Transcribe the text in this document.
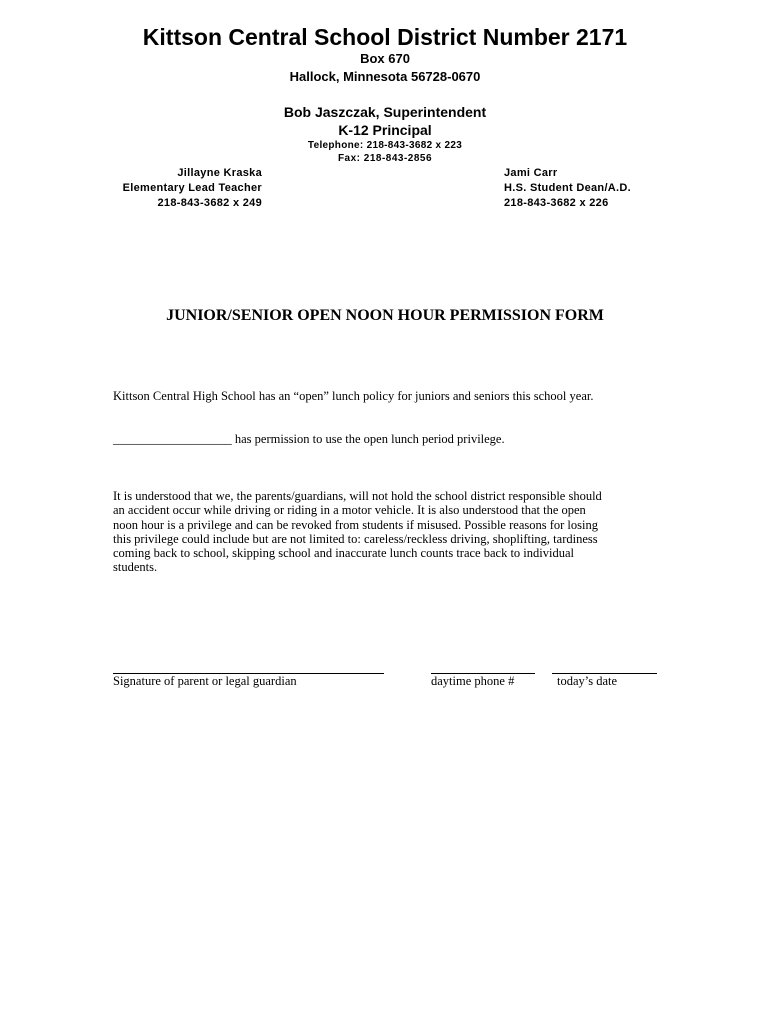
Kittson Central School District Number 2171
Box 670
Hallock, Minnesota 56728-0670
Bob Jaszczak, Superintendent
K-12 Principal
Telephone: 218-843-3682 x 223
Fax: 218-843-2856
Jillayne Kraska
Elementary Lead Teacher
218-843-3682 x 249
Jami Carr
H.S. Student Dean/A.D.
218-843-3682 x 226
JUNIOR/SENIOR OPEN NOON HOUR PERMISSION FORM

Kittson Central High School has an “open” lunch policy for juniors and seniors this school year.

___________________ has permission to use the open lunch period privilege.

It is understood that we, the parents/guardians, will not hold the school district responsible should
an accident occur while driving or riding in a motor vehicle. It is also understood that the open
noon hour is a privilege and can be revoked from students if misused. Possible reasons for losing
this privilege could include but are not limited to: careless/reckless driving, shoplifting, tardiness
coming back to school, skipping school and inaccurate lunch counts trace back to individual
students.
Signature of parent or legal guardian	daytime phone #	today’s date
